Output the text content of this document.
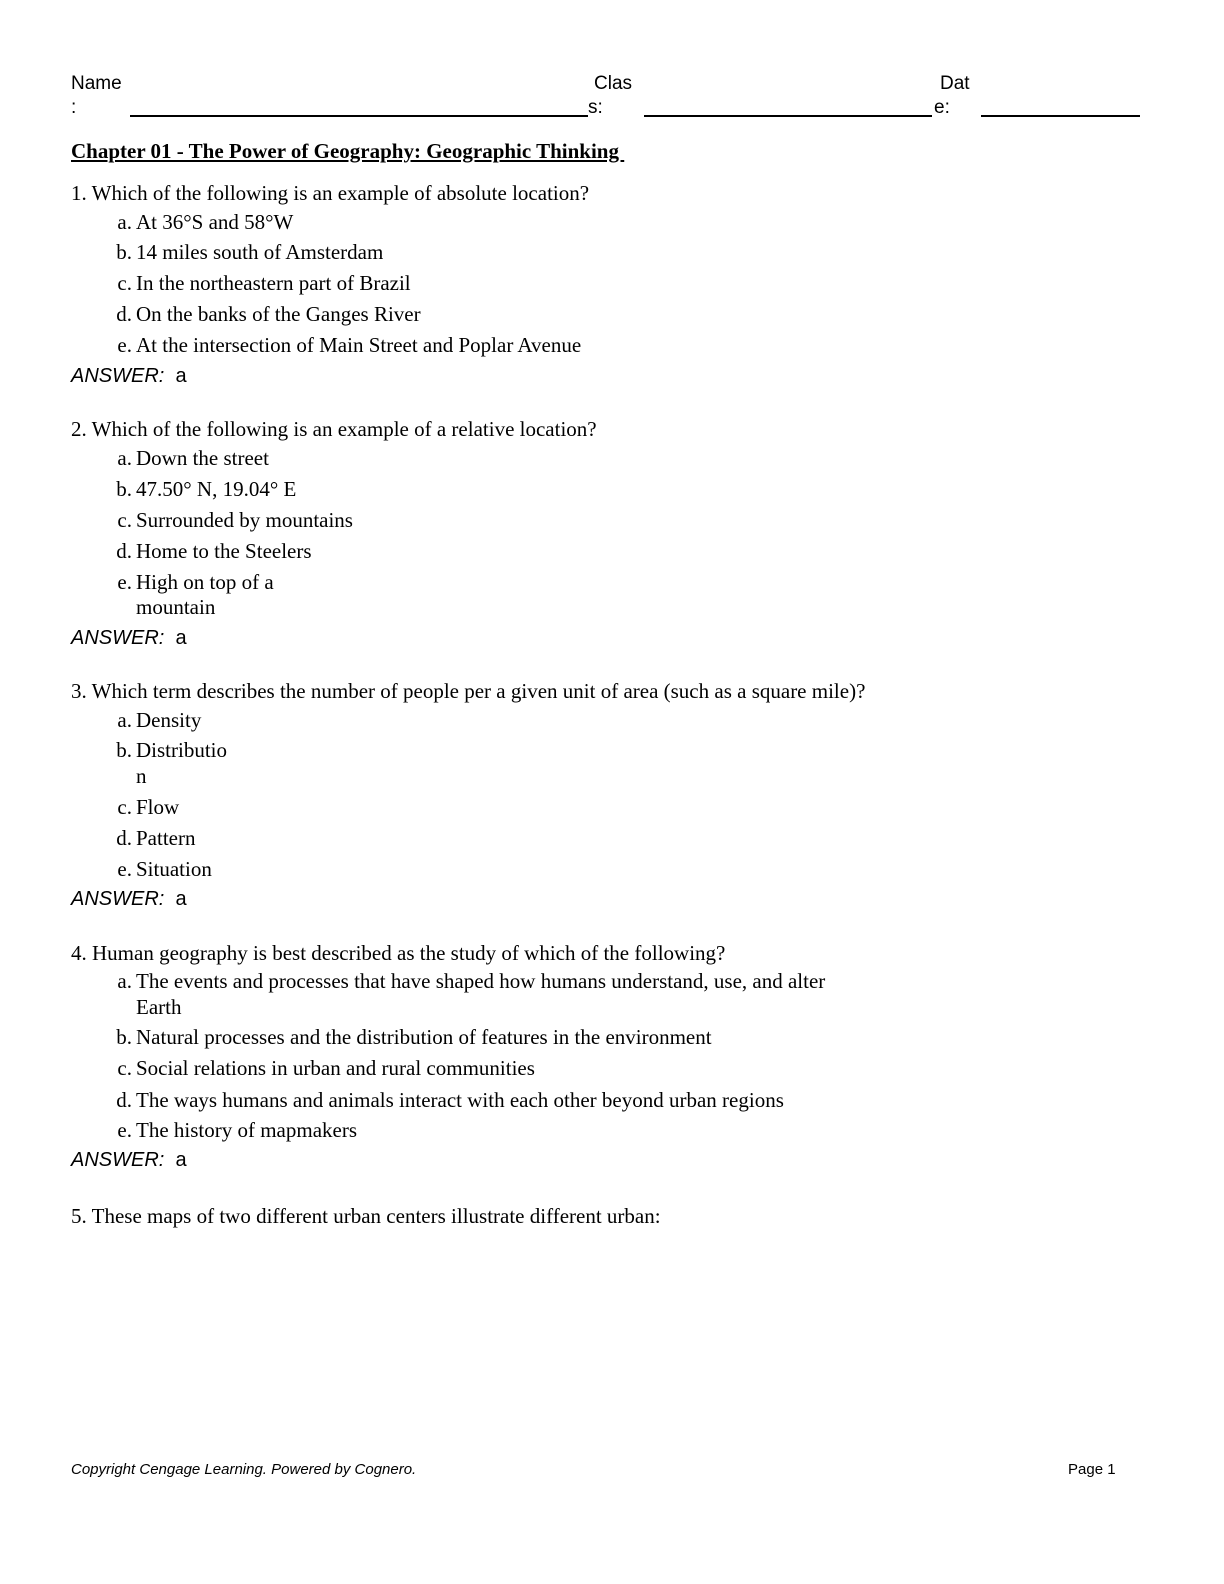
Name
:
Clas
s:
Dat
e:
Chapter 01 - The Power of Geography: Geographic Thinking
1. Which of the following is an example of absolute location?
a. At 36°S and 58°W
b. 14 miles south of Amsterdam
c. In the northeastern part of Brazil
d. On the banks of the Ganges River
e. At the intersection of Main Street and Poplar Avenue
ANSWER: a
2. Which of the following is an example of a relative location?
a. Down the street
b. 47.50° N, 19.04° E
c. Surrounded by mountains
d. Home to the Steelers
e. High on top of a
mountain
ANSWER: a
3. Which term describes the number of people per a given unit of area (such as a square mile)?
a. Density
b. Distributio
n
c. Flow
d. Pattern
e. Situation
ANSWER: a
4. Human geography is best described as the study of which of the following?
a. The events and processes that have shaped how humans understand, use, and alter
Earth
b. Natural processes and the distribution of features in the environment
c. Social relations in urban and rural communities
d. The ways humans and animals interact with each other beyond urban regions
e. The history of mapmakers
ANSWER: a
5. These maps of two different urban centers illustrate different urban:
Copyright Cengage Learning. Powered by Cognero.	Page 1
